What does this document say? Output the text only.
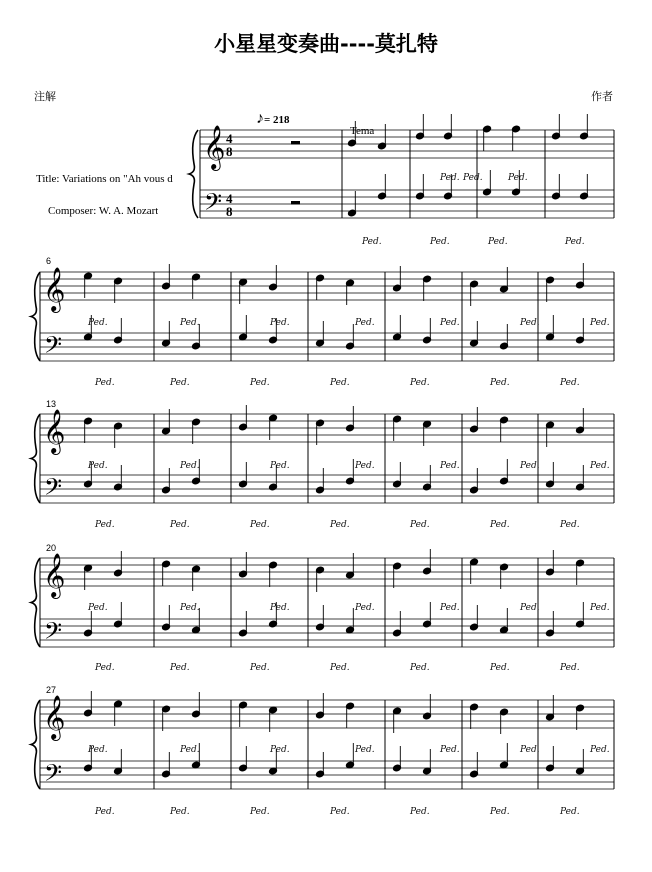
小星星变奏曲----莫扎特
注解	作者
Title: Variations on "Ah vous d
Composer: W. A. Mozart
♪= 218
Tema
6
13
20
27
𝄞
𝄢
4
4
8
8
Ped.	Ped.	Ped.	Ped.
Ped. Ped.	Ped.
𝄞
𝄢
Ped.	Ped.	Ped.	Ped.	Ped.	Ped.	Ped.
Ped.	Ped.	Ped.	Ped.	Ped.	Ped.	Ped.
𝄞
𝄢
Ped.	Ped.	Ped.	Ped.	Ped.	Ped.	Ped.
Ped.	Ped.	Ped.	Ped.	Ped.	Ped.	Ped.
𝄞
𝄢
Ped.	Ped.	Ped.	Ped.	Ped.	Ped.	Ped.
Ped.	Ped.	Ped.	Ped.	Ped.	Ped.	Ped.
𝄞
𝄢
Ped.	Ped.	Ped.	Ped.	Ped.	Ped.	Ped.
Ped.	Ped.	Ped.	Ped.	Ped.	Ped.	Ped.
